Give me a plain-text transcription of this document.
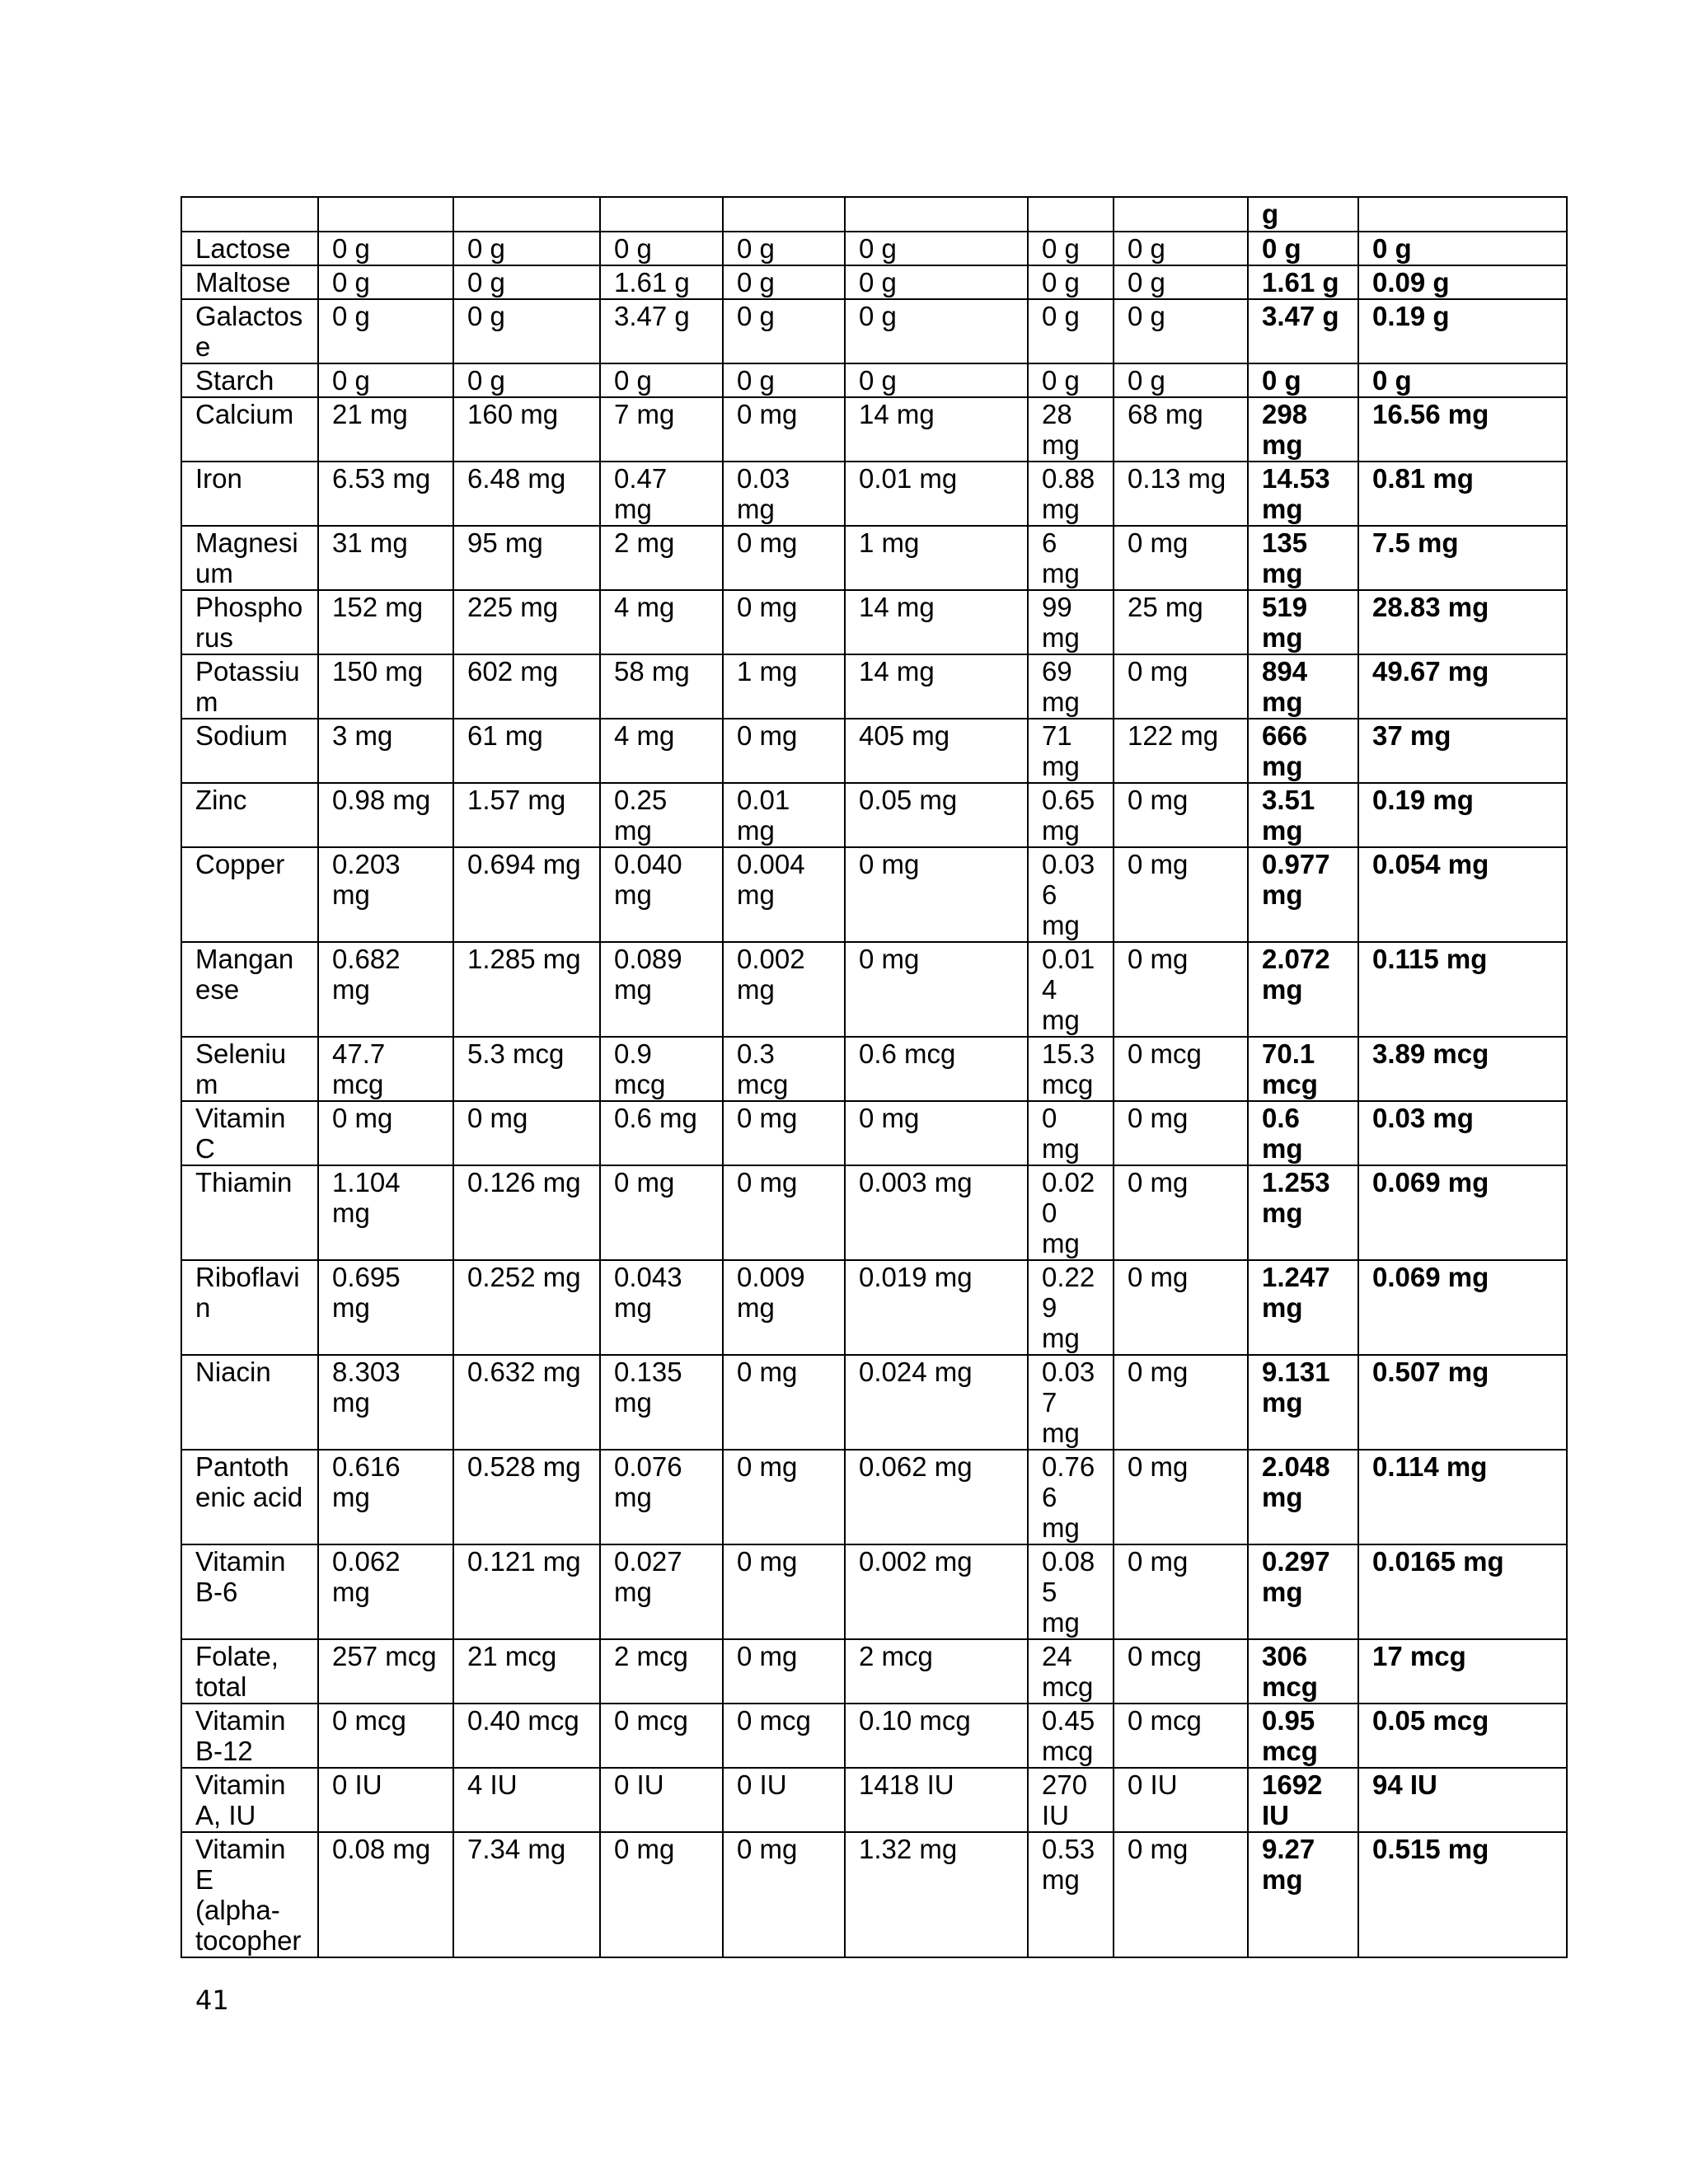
								g	
Lactose	0 g	0 g	0 g	0 g	0 g	0 g	0 g	0 g	0 g
Maltose	0 g	0 g	1.61 g	0 g	0 g	0 g	0 g	1.61 g	0.09 g
Galactose	0 g	0 g	3.47 g	0 g	0 g	0 g	0 g	3.47 g	0.19 g
Starch	0 g	0 g	0 g	0 g	0 g	0 g	0 g	0 g	0 g
Calcium	21 mg	160 mg	7 mg	0 mg	14 mg	28 mg	68 mg	298 mg	16.56 mg
Iron	6.53 mg	6.48 mg	0.47 mg	0.03 mg	0.01 mg	0.88 mg	0.13 mg	14.53 mg	0.81 mg
Magnesium	31 mg	95 mg	2 mg	0 mg	1 mg	6 mg	0 mg	135 mg	7.5 mg
Phosphorus	152 mg	225 mg	4 mg	0 mg	14 mg	99 mg	25 mg	519 mg	28.83 mg
Potassium	150 mg	602 mg	58 mg	1 mg	14 mg	69 mg	0 mg	894 mg	49.67 mg
Sodium	3 mg	61 mg	4 mg	0 mg	405 mg	71 mg	122 mg	666 mg	37 mg
Zinc	0.98 mg	1.57 mg	0.25 mg	0.01 mg	0.05 mg	0.65 mg	0 mg	3.51 mg	0.19 mg
Copper	0.203 mg	0.694 mg	0.040 mg	0.004 mg	0 mg	0.036 mg	0 mg	0.977 mg	0.054 mg
Manganese	0.682 mg	1.285 mg	0.089 mg	0.002 mg	0 mg	0.014 mg	0 mg	2.072 mg	0.115 mg
Selenium	47.7 mcg	5.3 mcg	0.9 mcg	0.3 mcg	0.6 mcg	15.3 mcg	0 mcg	70.1 mcg	3.89 mcg
Vitamin C	0 mg	0 mg	0.6 mg	0 mg	0 mg	0 mg	0 mg	0.6 mg	0.03 mg
Thiamin	1.104 mg	0.126 mg	0 mg	0 mg	0.003 mg	0.020 mg	0 mg	1.253 mg	0.069 mg
Riboflavin	0.695 mg	0.252 mg	0.043 mg	0.009 mg	0.019 mg	0.229 mg	0 mg	1.247 mg	0.069 mg
Niacin	8.303 mg	0.632 mg	0.135 mg	0 mg	0.024 mg	0.037 mg	0 mg	9.131 mg	0.507 mg
Pantothenic acid	0.616 mg	0.528 mg	0.076 mg	0 mg	0.062 mg	0.766 mg	0 mg	2.048 mg	0.114 mg
Vitamin B-6	0.062 mg	0.121 mg	0.027 mg	0 mg	0.002 mg	0.085 mg	0 mg	0.297 mg	0.0165 mg
Folate, total	257 mcg	21 mcg	2 mcg	0 mg	2 mcg	24 mcg	0 mcg	306 mcg	17 mcg
Vitamin B-12	0 mcg	0.40 mcg	0 mcg	0 mcg	0.10 mcg	0.45 mcg	0 mcg	0.95 mcg	0.05 mcg
Vitamin A, IU	0 IU	4 IU	0 IU	0 IU	1418 IU	270 IU	0 IU	1692 IU	94 IU
Vitamin E (alpha-tocopher	0.08 mg	7.34 mg	0 mg	0 mg	1.32 mg	0.53 mg	0 mg	9.27 mg	0.515 mg
41
